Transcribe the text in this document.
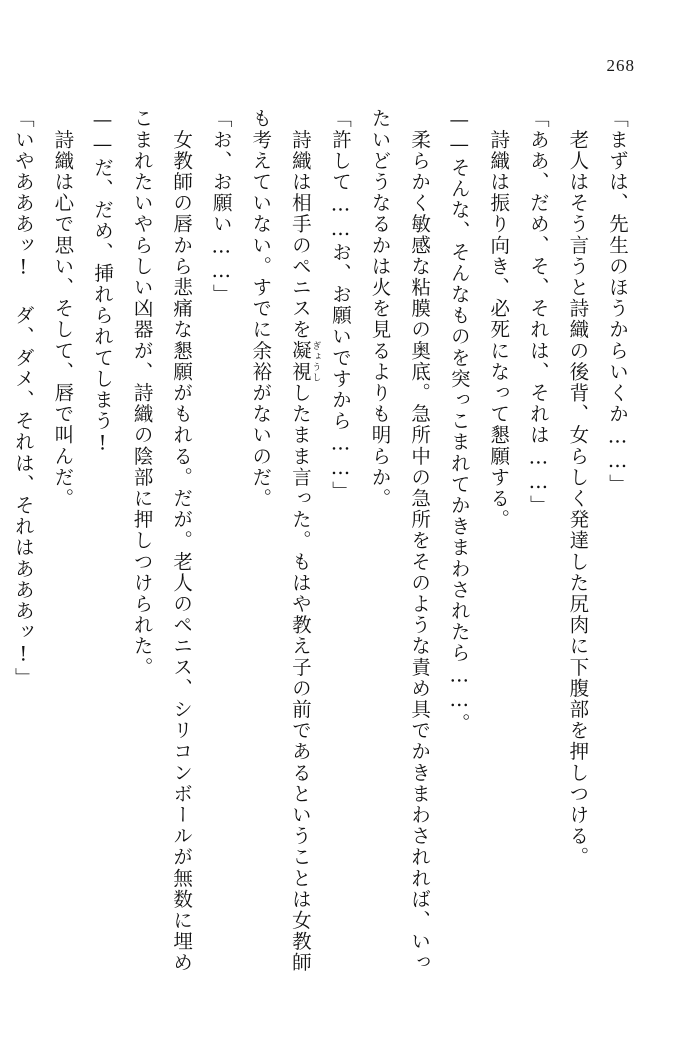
268

「まずは、先生のほうからいくか……」

　老人はそう言うと詩織の後背、女らしく発達した尻肉に下腹部を押しつける。

「ああ、だめ、そ、それは、それは……」

　詩織は振り向き、必死になって懇願する。

——そんな、そんなものを突っこまれてかきまわされたら……。

　柔らかく敏感な粘膜の奥底。急所中の急所をそのような責め具でかきまわされれば、いったいどうなるかは火を見るよりも明らか。

「許して……お、お願いですから……」

　詩織は相手のペニスを凝視ぎょうししたまま言った。もはや教え子の前であるということは女教師も考えていない。すでに余裕がないのだ。

「お、お願い……」

　女教師の唇から悲痛な懇願がもれる。だが。老人のペニス、シリコンボールが無数に埋めこまれたいやらしい凶器が、詩織の陰部に押しつけられた。

——だ、だめ、挿れられてしまう!

　詩織は心で思い、そして、唇で叫んだ。

「いやあああッ! ダ、ダメ、それは、それはあああッ!」
